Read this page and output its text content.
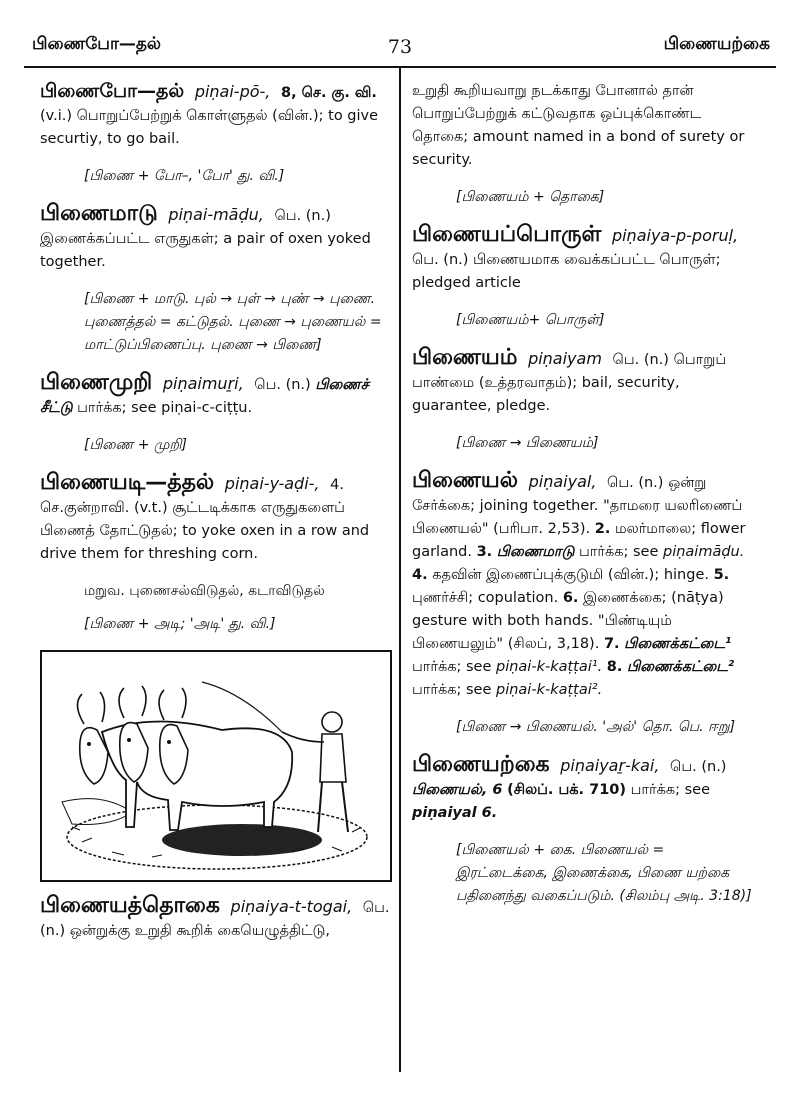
பிணைபோ—தல்	73	பிணையற்கை
பிணைபோ—தல் piṇai-pō-, 8, செ. கு. வி. (v.i.) பொறுப்பேற்றுக் கொள்ளுதல் (வின்.); to give securtiy, to go bail.
[பிணை + போ–, 'போ' து. வி.]
பிணைமாடு piṇai-māḍu, பெ. (n.) இணைக்கப்பட்ட எருதுகள்; a pair of oxen yoked together.
[பிணை + மாடு. புல் → புள் → புண் → புணை. புணைத்தல் = கட்டுதல். புணை → புணையல் = மாட்டுப்பிணைப்பு. புணை → பிணை]
பிணைமுறி piṇaimuṟi, பெ. (n.) பிணைச் சீட்டு பார்க்க; see piṇai-c-ciṭṭu.
[பிணை + முறி]
பிணையடி—த்தல் piṇai-y-aḍi-, 4. செ.குன்றாவி. (v.t.) சூட்டடிக்காக எருதுகளைப் பிணைத் தோட்டுதல்; to yoke oxen in a row and drive them for threshing corn.
மறுவ. புணைசல்விடுதல், கடாவிடுதல்
[பிணை + அடி; 'அடி' து. வி.]
பிணையத்தொகை piṇaiya-t-togai, பெ. (n.) ஒன்றுக்கு உறுதி கூறிக் கையெழுத்திட்டு,
உறுதி கூறியவாறு நடக்காது போனால் தான் பொறுப்பேற்றுக் கட்டுவதாக ஒப்புக்கொண்ட தொகை; amount named in a bond of surety or security.
[பிணையம் + தொகை]
பிணையப்பொருள் piṇaiya-p-poruḷ, பெ. (n.) பிணையமாக வைக்கப்பட்ட பொருள்; pledged article
[பிணையம்+ பொருள்]
பிணையம் piṇaiyam பெ. (n.) பொறுப் பாண்மை (உத்தரவாதம்); bail, security, guarantee, pledge.
[பிணை → பிணையம்]
பிணையல் piṇaiyal, பெ. (n.) ஒன்று சேர்க்கை; joining together. "தாமரை யலரிணைப் பிணையல்" (பரிபா. 2,53). 2. மலர்மாலை; flower garland. 3. பிணைமாடு பார்க்க; see piṇaimāḍu. 4. கதவின் இணைப்புக்குடுமி (வின்.); hinge. 5. புணர்ச்சி; copulation. 6. இணைக்கை; (nāṭya) gesture with both hands. "பிண்டியும் பிணையலும்" (சிலப், 3,18). 7. பிணைக்கட்டை¹ பார்க்க; see piṇai-k-kaṭṭai¹. 8. பிணைக்கட்டை² பார்க்க; see piṇai-k-kaṭṭai².
[பிணை → பிணையல். 'அல்' தொ. பெ. ஈறு]
பிணையற்கை piṇaiyaṟ-kai, பெ. (n.) பிணையல், 6 (சிலப். பக். 710) பார்க்க; see piṇaiyal 6.
[பிணையல் + கை. பிணையல் = இரட்டைக்கை, இணைக்கை, பிணை யற்கை பதினைந்து வகைப்படும். (சிலம்பு அடி. 3:18)]
